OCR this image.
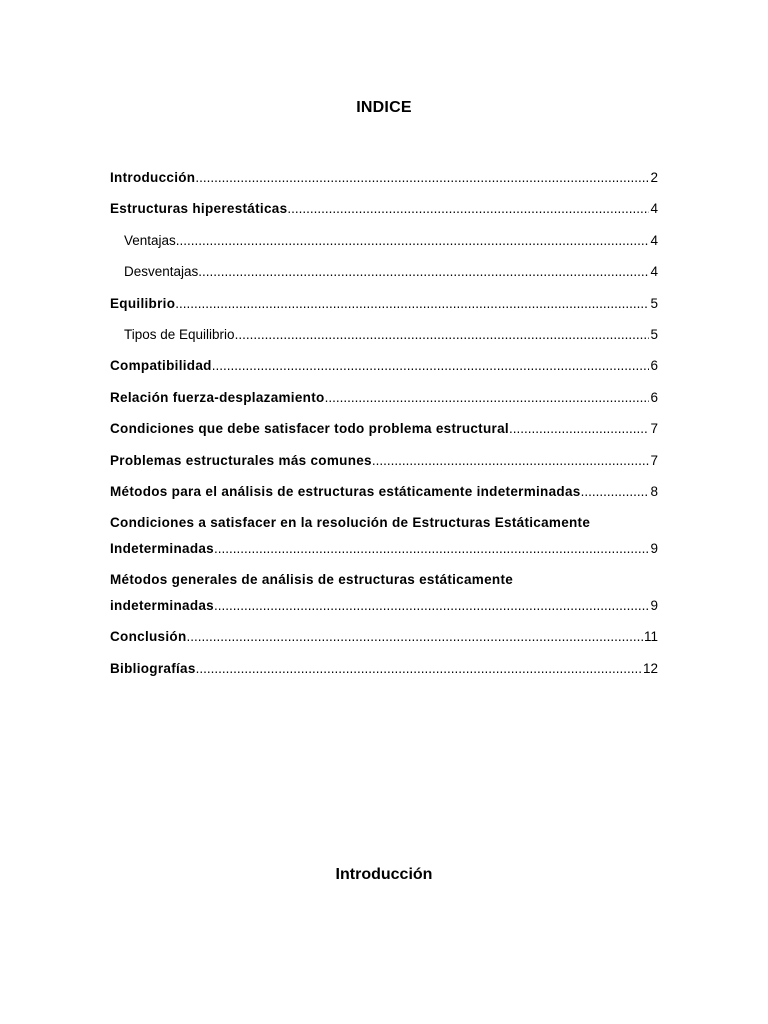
INDICE
Introducción .....	2
Estructuras hiperestáticas .....	4
Ventajas .....	4
Desventajas .....	4
Equilibrio .....	5
Tipos de Equilibrio .....	5
Compatibilidad .....	6
Relación fuerza-desplazamiento .....	6
Condiciones que debe satisfacer todo problema estructural .....	7
Problemas estructurales más comunes .....	7
Métodos para el análisis de estructuras estáticamente indeterminadas .....	8
Condiciones a satisfacer en la resolución de Estructuras Estáticamente
Indeterminadas .....	9
Métodos generales de análisis de estructuras estáticamente
indeterminadas .....	9
Conclusión .....	11
Bibliografías .....	12
Introducción
